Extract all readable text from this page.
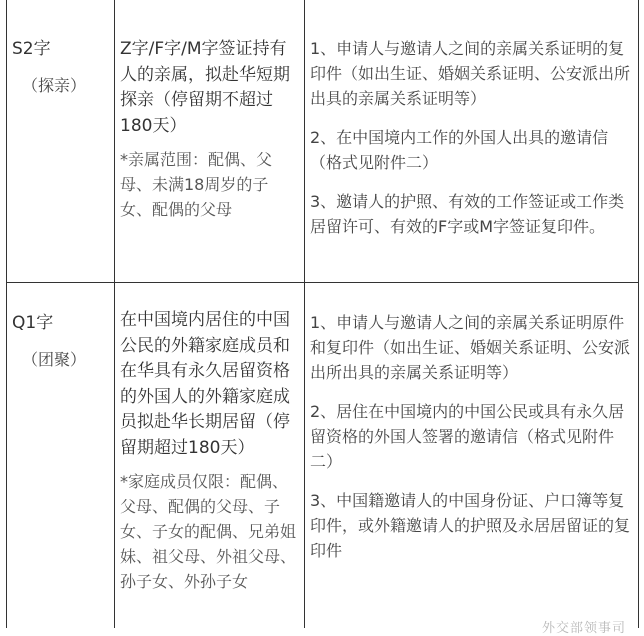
S2字

（探亲）

Z字/F字/M字签证持有人的亲属，拟赴华短期探亲（停留期不超过180天）

*亲属范围：配偶、父母、未满18周岁的子女、配偶的父母

1、申请人与邀请人之间的亲属关系证明的复印件（如出生证、婚姻关系证明、公安派出所出具的亲属关系证明等）

2、在中国境内工作的外国人出具的邀请信（格式见附件二）

3、邀请人的护照、有效的工作签证或工作类居留许可、有效的F字或M字签证复印件。

Q1字

（团聚）

在中国境内居住的中国公民的外籍家庭成员和在华具有永久居留资格的外国人的外籍家庭成员拟赴华长期居留（停留期超过180天）

*家庭成员仅限：配偶、父母、配偶的父母、子女、子女的配偶、兄弟姐妹、祖父母、外祖父母、孙子女、外孙子女

1、申请人与邀请人之间的亲属关系证明原件和复印件（如出生证、婚姻关系证明、公安派出所出具的亲属关系证明等）

2、居住在中国境内的中国公民或具有永久居留资格的外国人签署的邀请信（格式见附件二）

3、中国籍邀请人的中国身份证、户口簿等复印件，或外籍邀请人的护照及永居居留证的复印件

外交部领事司
